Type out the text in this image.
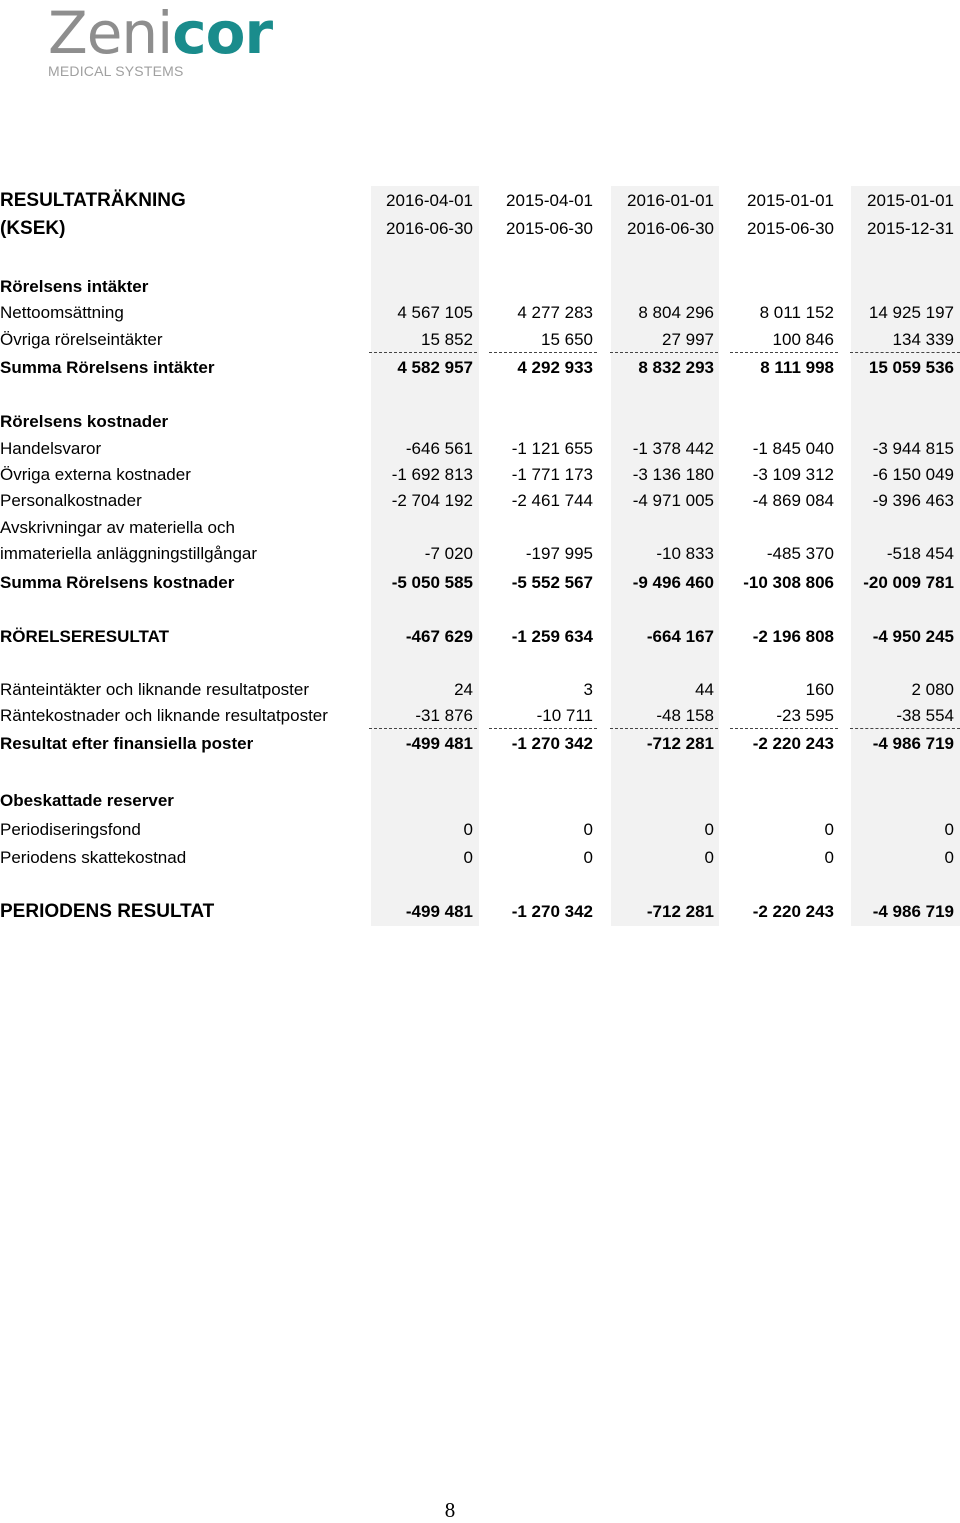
Zenicor
MEDICAL SYSTEMS
RESULTATRÄKNING	2016-04-01	2015-04-01	2016-01-01	2015-01-01	2015-01-01
(KSEK)	2016-06-30	2015-06-30	2016-06-30	2015-06-30	2015-12-31
Rörelsens intäkter
Nettoomsättning	4 567 105	4 277 283	8 804 296	8 011 152	14 925 197
Övriga rörelseintäkter	15 852	15 650	27 997	100 846	134 339
Summa Rörelsens intäkter	4 582 957	4 292 933	8 832 293	8 111 998	15 059 536
Rörelsens kostnader
Handelsvaror	-646 561	-1 121 655	-1 378 442	-1 845 040	-3 944 815
Övriga externa kostnader	-1 692 813	-1 771 173	-3 136 180	-3 109 312	-6 150 049
Personalkostnader	-2 704 192	-2 461 744	-4 971 005	-4 869 084	-9 396 463
Avskrivningar av materiella och
immateriella anläggningstillgångar	-7 020	-197 995	-10 833	-485 370	-518 454
Summa Rörelsens kostnader	-5 050 585	-5 552 567	-9 496 460	-10 308 806	-20 009 781
RÖRELSERESULTAT	-467 629	-1 259 634	-664 167	-2 196 808	-4 950 245
Ränteintäkter och liknande resultatposter	24	3	44	160	2 080
Räntekostnader och liknande resultatposter	-31 876	-10 711	-48 158	-23 595	-38 554
Resultat efter finansiella poster	-499 481	-1 270 342	-712 281	-2 220 243	-4 986 719
Obeskattade reserver
Periodiseringsfond	0	0	0	0	0
Periodens skattekostnad	0	0	0	0	0
PERIODENS RESULTAT	-499 481	-1 270 342	-712 281	-2 220 243	-4 986 719
8
